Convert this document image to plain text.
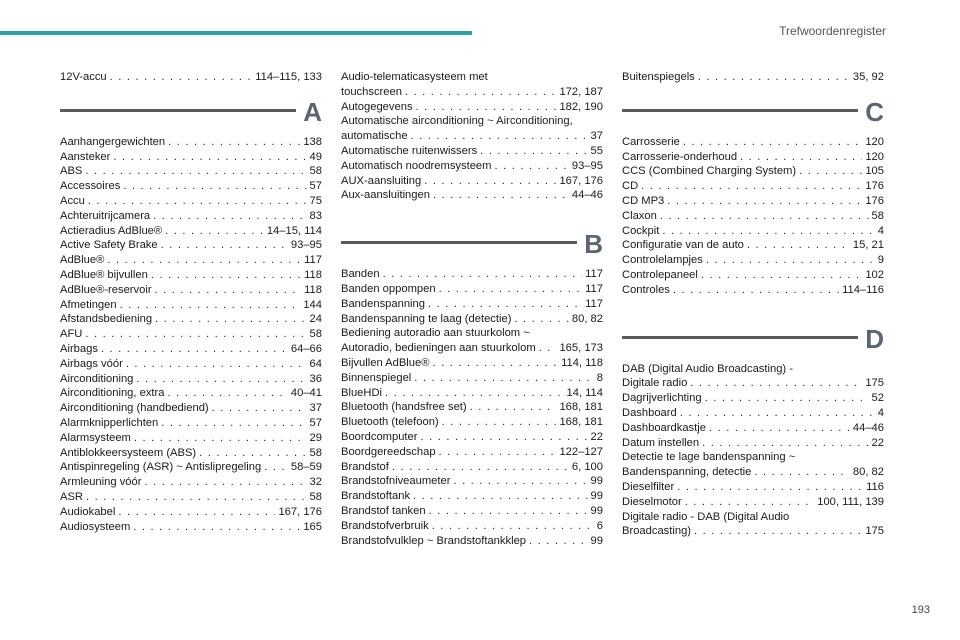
Trefwoordenregister
12V-accu . . .	114–115, 133
A
Aanhangergewichten . . .	138
Aansteker . . .	49
ABS . . .	58
Accessoires . . .	57
Accu . . .	75
Achteruitrijcamera . . .	83
Actieradius AdBlue® . . .	14–15, 114
Active Safety Brake . . .	93–95
AdBlue® . . .	117
AdBlue® bijvullen . . .	118
AdBlue®-reservoir . . .	118
Afmetingen . . .	144
Afstandsbediening . . .	24
AFU . . .	58
Airbags . . .	64–66
Airbags vóór . . .	64
Airconditioning . . .	36
Airconditioning, extra . . .	40–41
Airconditioning (handbediend) . . .	37
Alarmknipperlichten . . .	57
Alarmsysteem . . .	29
Antiblokkeersysteem (ABS) . . .	58
Antispinregeling (ASR) ~ Antislipregeling . . .	58–59
Armleuning vóór . . .	32
ASR . . .	58
Audiokabel . . .	167, 176
Audiosysteem . . .	165
Audio-telematicasysteem met
touchscreen . . .	172, 187
Autogegevens . . .	182, 190
Automatische airconditioning ~ Airconditioning,
automatische . . .	37
Automatische ruitenwissers . . .	55
Automatisch noodremsysteem . . .	93–95
AUX-aansluiting . . .	167, 176
Aux-aansluitingen . . .	44–46
B
Banden . . .	117
Banden oppompen . . .	117
Bandenspanning . . .	117
Bandenspanning te laag (detectie) . . .	80, 82
Bediening autoradio aan stuurkolom ~
Autoradio, bedieningen aan stuurkolom . . . 165, 173
Bijvullen AdBlue® . . .	114, 118
Binnenspiegel . . .	8
BlueHDi . . .	14, 114
Bluetooth (handsfree set) . . .	168, 181
Bluetooth (telefoon) . . .	168, 181
Boordcomputer . . .	22
Boordgereedschap . . .	122–127
Brandstof . . .	6, 100
Brandstofniveaumeter . . .	99
Brandstoftank . . .	99
Brandstof tanken . . .	99
Brandstofverbruik . . .	6
Brandstofvulklep ~ Brandstoftankklep . . .	99
Buitenspiegels . . .	35, 92
C
Carrosserie . . .	120
Carrosserie-onderhoud . . .	120
CCS (Combined Charging System) . . .	105
CD . . .	176
CD MP3 . . .	176
Claxon . . .	58
Cockpit . . .	4
Configuratie van de auto . . .	15, 21
Controlelampjes . . .	9
Controlepaneel . . .	102
Controles . . .	114–116
D
DAB (Digital Audio Broadcasting) -
Digitale radio . . .	175
Dagrijverlichting . . .	52
Dashboard . . .	4
Dashboardkastje . . .	44–46
Datum instellen . . .	22
Detectie te lage bandenspanning ~
Bandenspanning, detectie . . .	80, 82
Dieselfilter . . .	116
Dieselmotor . . .	100, 111, 139
Digitale radio - DAB (Digital Audio
Broadcasting) . . .	175
193
